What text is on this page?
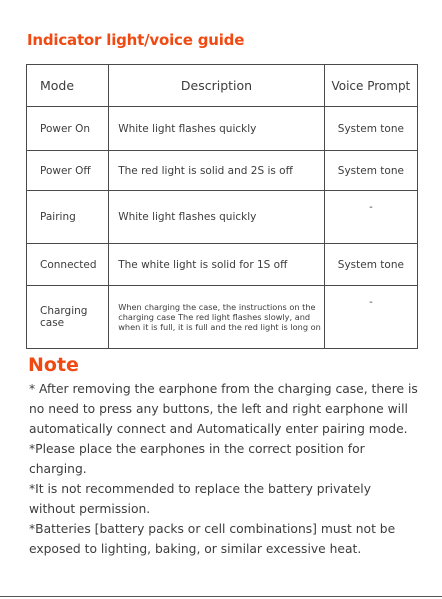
Indicator light/voice guide
Mode	Description	Voice Prompt
Power On	White light flashes quickly	System tone
Power Off	The red light is solid and 2S is off	System tone
Pairing	White light flashes quickly	-
Connected	The white light is solid for 1S off	System tone
Charging case	When charging the case, the instructions on the charging case The red light flashes slowly, and when it is full, it is full and the red light is long on	-
Note

* After removing the earphone from the charging case, there is no need to press any buttons, the left and right earphone will automatically connect and Automatically enter pairing mode.

*Please place the earphones in the correct position for charging.

*It is not recommended to replace the battery privately without permission.

*Batteries [battery packs or cell combinations] must not be exposed to lighting, baking, or similar excessive heat.
